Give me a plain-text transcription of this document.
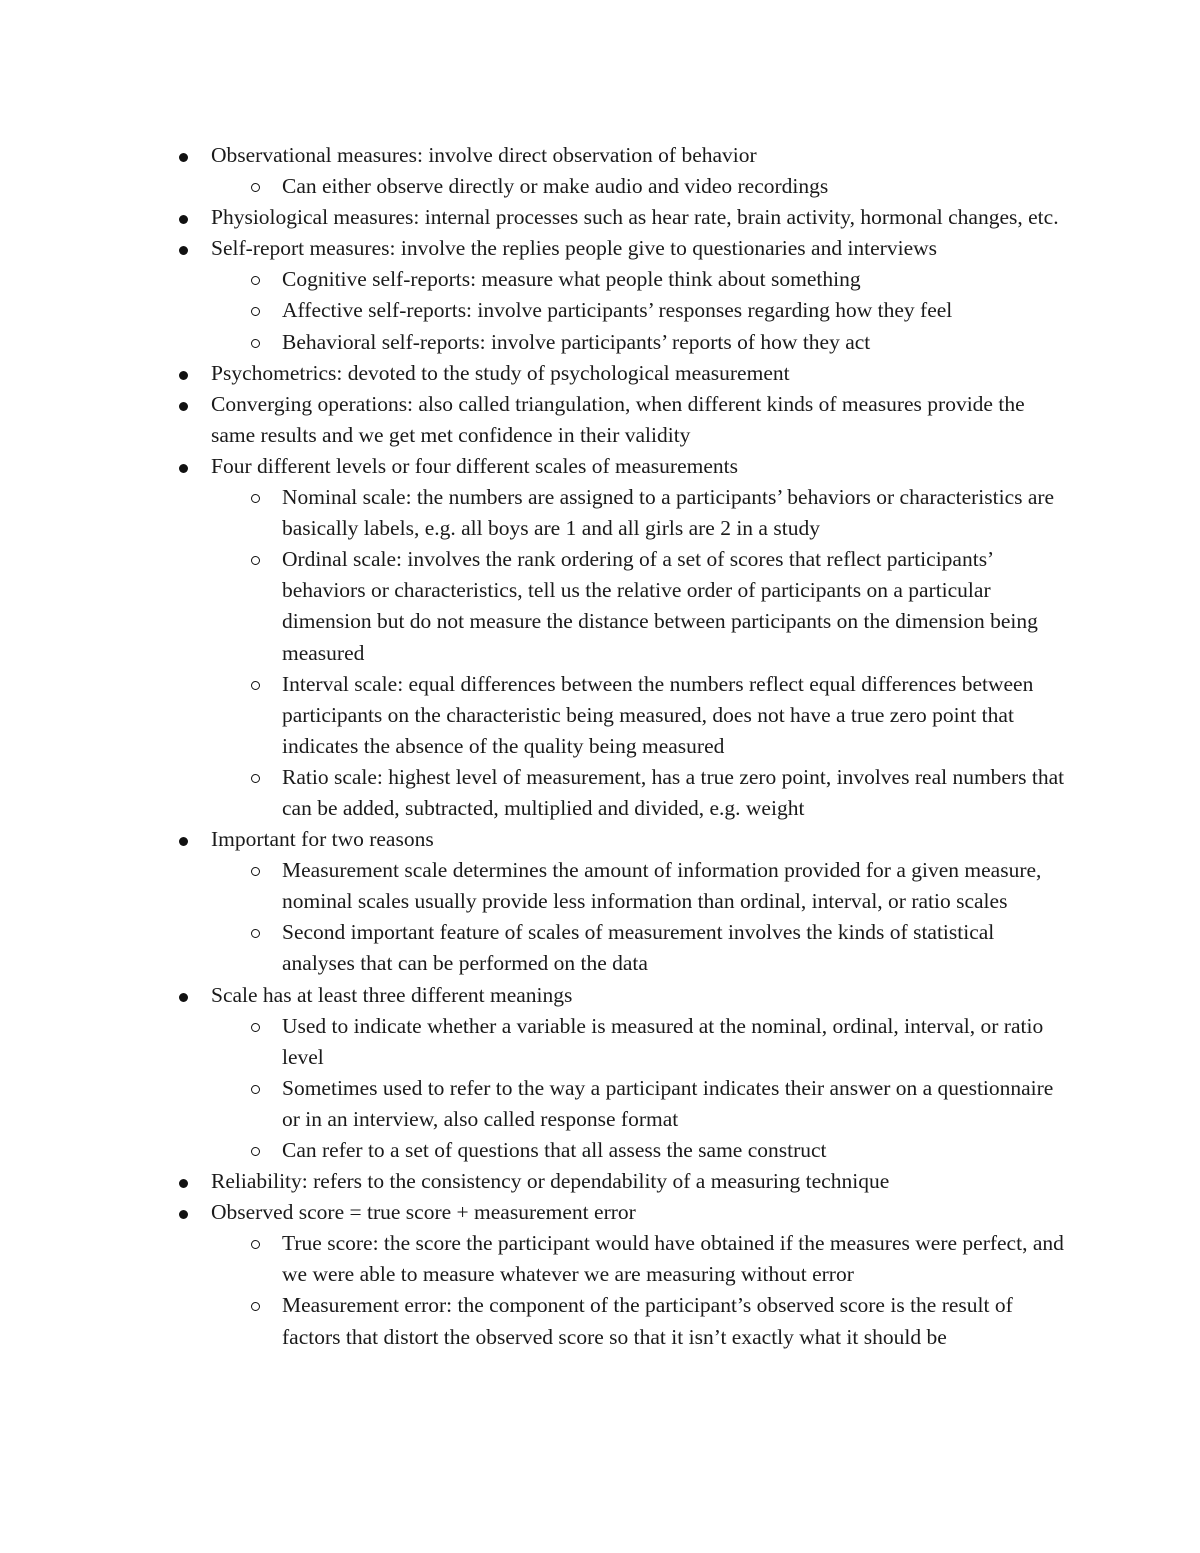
Observational measures: involve direct observation of behavior
Can either observe directly or make audio and video recordings
Physiological measures: internal processes such as hear rate, brain activity, hormonal changes, etc.
Self-report measures: involve the replies people give to questionaries and interviews
Cognitive self-reports: measure what people think about something
Affective self-reports: involve participants’ responses regarding how they feel
Behavioral self-reports: involve participants’ reports of how they act
Psychometrics: devoted to the study of psychological measurement
Converging operations: also called triangulation, when different kinds of measures provide the same results and we get met confidence in their validity
Four different levels or four different scales of measurements
Nominal scale: the numbers are assigned to a participants’ behaviors or characteristics are basically labels, e.g. all boys are 1 and all girls are 2 in a study
Ordinal scale: involves the rank ordering of a set of scores that reflect participants’ behaviors or characteristics, tell us the relative order of participants on a particular dimension but do not measure the distance between participants on the dimension being measured
Interval scale: equal differences between the numbers reflect equal differences between participants on the characteristic being measured, does not have a true zero point that indicates the absence of the quality being measured
Ratio scale: highest level of measurement, has a true zero point, involves real numbers that can be added, subtracted, multiplied and divided, e.g. weight
Important for two reasons
Measurement scale determines the amount of information provided for a given measure, nominal scales usually provide less information than ordinal, interval, or ratio scales
Second important feature of scales of measurement involves the kinds of statistical analyses that can be performed on the data
Scale has at least three different meanings
Used to indicate whether a variable is measured at the nominal, ordinal, interval, or ratio level
Sometimes used to refer to the way a participant indicates their answer on a questionnaire or in an interview, also called response format
Can refer to a set of questions that all assess the same construct
Reliability: refers to the consistency or dependability of a measuring technique
Observed score = true score + measurement error
True score: the score the participant would have obtained if the measures were perfect, and we were able to measure whatever we are measuring without error
Measurement error: the component of the participant’s observed score is the result of factors that distort the observed score so that it isn’t exactly what it should be
